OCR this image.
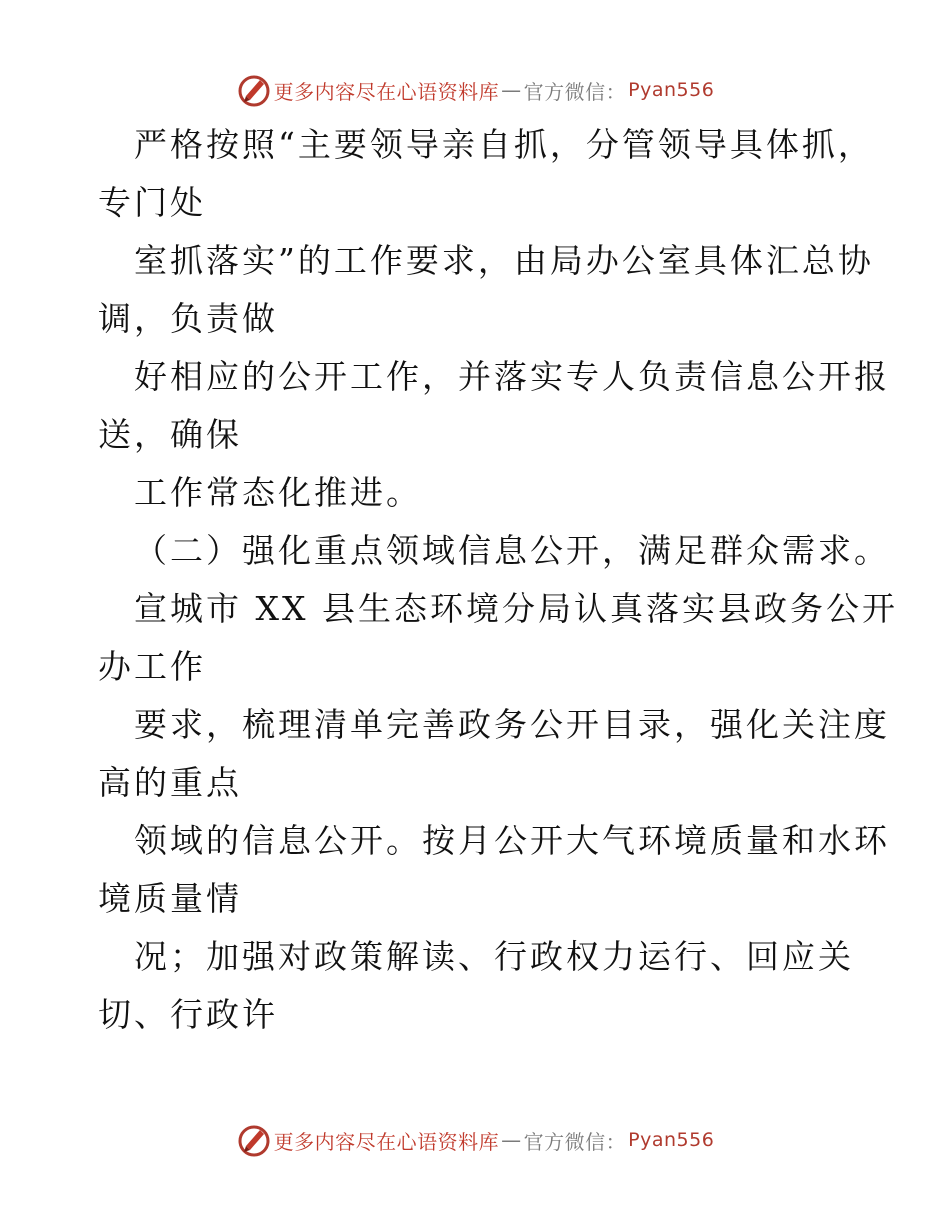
更多内容尽在心语资料库 — 官方微信： Pyan556
严格按照“主要领导亲自抓，分管领导具体抓，
专门处
室抓落实”的工作要求，由局办公室具体汇总协
调，负责做
好相应的公开工作，并落实专人负责信息公开报
送，确保
工作常态化推进。
（二）强化重点领域信息公开，满足群众需求。
宣城市 XX 县生态环境分局认真落实县政务公开
办工作
要求，梳理清单完善政务公开目录，强化关注度
高的重点
领域的信息公开。按月公开大气环境质量和水环
境质量情
况；加强对政策解读、行政权力运行、回应关
切、行政许
更多内容尽在心语资料库 — 官方微信： Pyan556
